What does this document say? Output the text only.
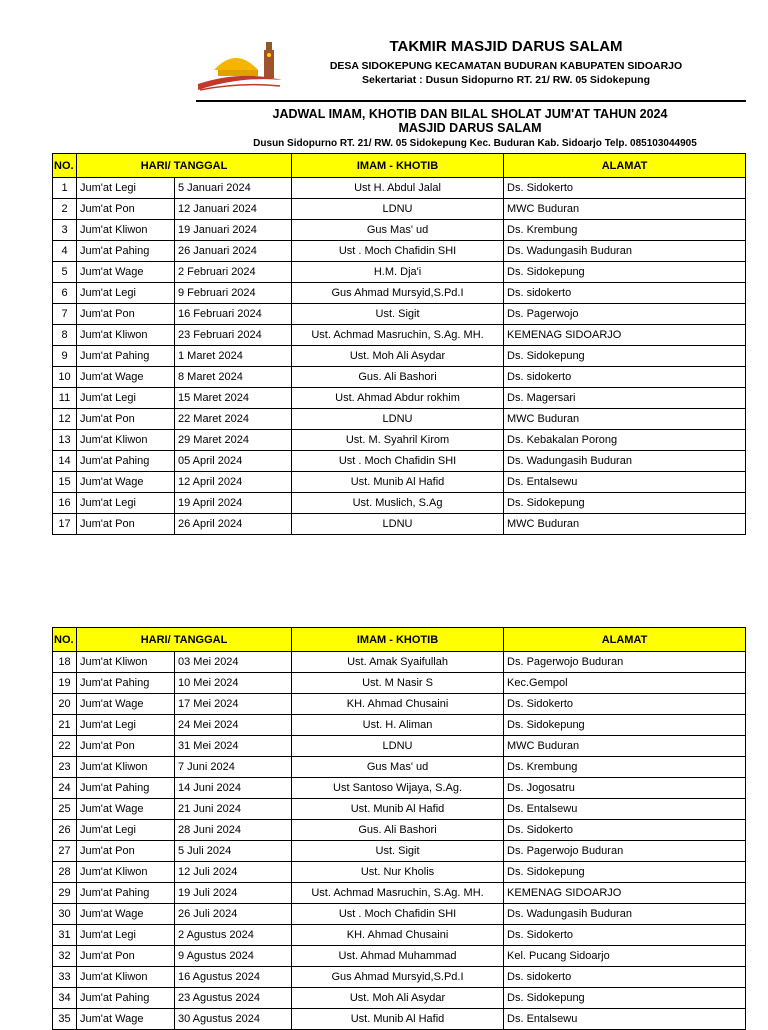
TAKMIR MASJID DARUS SALAM
DESA SIDOKEPUNG KECAMATAN BUDURAN KABUPATEN SIDOARJO
Sekertariat : Dusun Sidopurno RT. 21/ RW. 05 Sidokepung
JADWAL IMAM, KHOTIB DAN BILAL SHOLAT JUM'AT TAHUN 2024
MASJID DARUS SALAM
Dusun Sidopurno RT. 21/ RW. 05 Sidokepung Kec. Buduran Kab. Sidoarjo Telp. 085103044905
NO.	HARI/ TANGGAL		IMAM - KHOTIB	ALAMAT
1	Jum'at Legi	5 Januari 2024	Ust H. Abdul Jalal	Ds. Sidokerto
2	Jum'at Pon	12 Januari 2024	LDNU	MWC Buduran
3	Jum'at Kliwon	19 Januari 2024	Gus Mas' ud	Ds. Krembung
4	Jum'at Pahing	26 Januari 2024	Ust . Moch Chafidin SHI	Ds. Wadungasih Buduran
5	Jum'at Wage	2 Februari 2024	H.M. Dja'i	Ds. Sidokepung
6	Jum'at Legi	9 Februari 2024	Gus Ahmad Mursyid,S.Pd.I	Ds. sidokerto
7	Jum'at Pon	16 Februari 2024	Ust. Sigit	Ds. Pagerwojo
8	Jum'at Kliwon	23 Februari 2024	Ust. Achmad Masruchin, S.Ag. MH.	KEMENAG SIDOARJO
9	Jum'at Pahing	1 Maret 2024	Ust. Moh Ali Asydar	Ds. Sidokepung
10	Jum'at Wage	8 Maret 2024	Gus. Ali Bashori	Ds. sidokerto
11	Jum'at Legi	15 Maret 2024	Ust. Ahmad Abdur rokhim	Ds. Magersari
12	Jum'at Pon	22 Maret 2024	LDNU	MWC Buduran
13	Jum'at Kliwon	29 Maret 2024	Ust. M. Syahril Kirom	Ds. Kebakalan Porong
14	Jum'at Pahing	05 April 2024	Ust . Moch Chafidin SHI	Ds. Wadungasih Buduran
15	Jum'at Wage	12 April 2024	Ust. Munib Al Hafid	Ds. Entalsewu
16	Jum'at Legi	19 April 2024	Ust. Muslich, S.Ag	Ds. Sidokepung
17	Jum'at Pon	26 April 2024	LDNU	MWC Buduran
NO.	HARI/ TANGGAL		IMAM - KHOTIB	ALAMAT
18	Jum'at Kliwon	03 Mei 2024	Ust. Amak Syaifullah	Ds. Pagerwojo Buduran
19	Jum'at Pahing	10 Mei 2024	Ust. M Nasir S	Kec.Gempol
20	Jum'at Wage	17 Mei 2024	KH. Ahmad Chusaini	Ds. Sidokerto
21	Jum'at Legi	24 Mei 2024	Ust. H. Aliman	Ds. Sidokepung
22	Jum'at Pon	31 Mei 2024	LDNU	MWC Buduran
23	Jum'at Kliwon	7 Juni 2024	Gus Mas' ud	Ds. Krembung
24	Jum'at Pahing	14 Juni 2024	Ust Santoso Wijaya, S.Ag.	Ds. Jogosatru
25	Jum'at Wage	21 Juni 2024	Ust. Munib Al Hafid	Ds. Entalsewu
26	Jum'at Legi	28 Juni 2024	Gus. Ali Bashori	Ds. Sidokerto
27	Jum'at Pon	5 Juli 2024	Ust. Sigit	Ds. Pagerwojo Buduran
28	Jum'at Kliwon	12 Juli 2024	Ust. Nur Kholis	Ds. Sidokepung
29	Jum'at Pahing	19 Juli 2024	Ust. Achmad Masruchin, S.Ag. MH.	KEMENAG SIDOARJO
30	Jum'at Wage	26 Juli 2024	Ust . Moch Chafidin SHI	Ds. Wadungasih Buduran
31	Jum'at Legi	2 Agustus 2024	KH. Ahmad Chusaini	Ds. Sidokerto
32	Jum'at Pon	9 Agustus 2024	Ust. Ahmad Muhammad	Kel. Pucang Sidoarjo
33	Jum'at Kliwon	16 Agustus 2024	Gus Ahmad Mursyid,S.Pd.I	Ds. sidokerto
34	Jum'at Pahing	23 Agustus 2024	Ust. Moh Ali Asydar	Ds. Sidokepung
35	Jum'at Wage	30 Agustus 2024	Ust. Munib Al Hafid	Ds. Entalsewu
